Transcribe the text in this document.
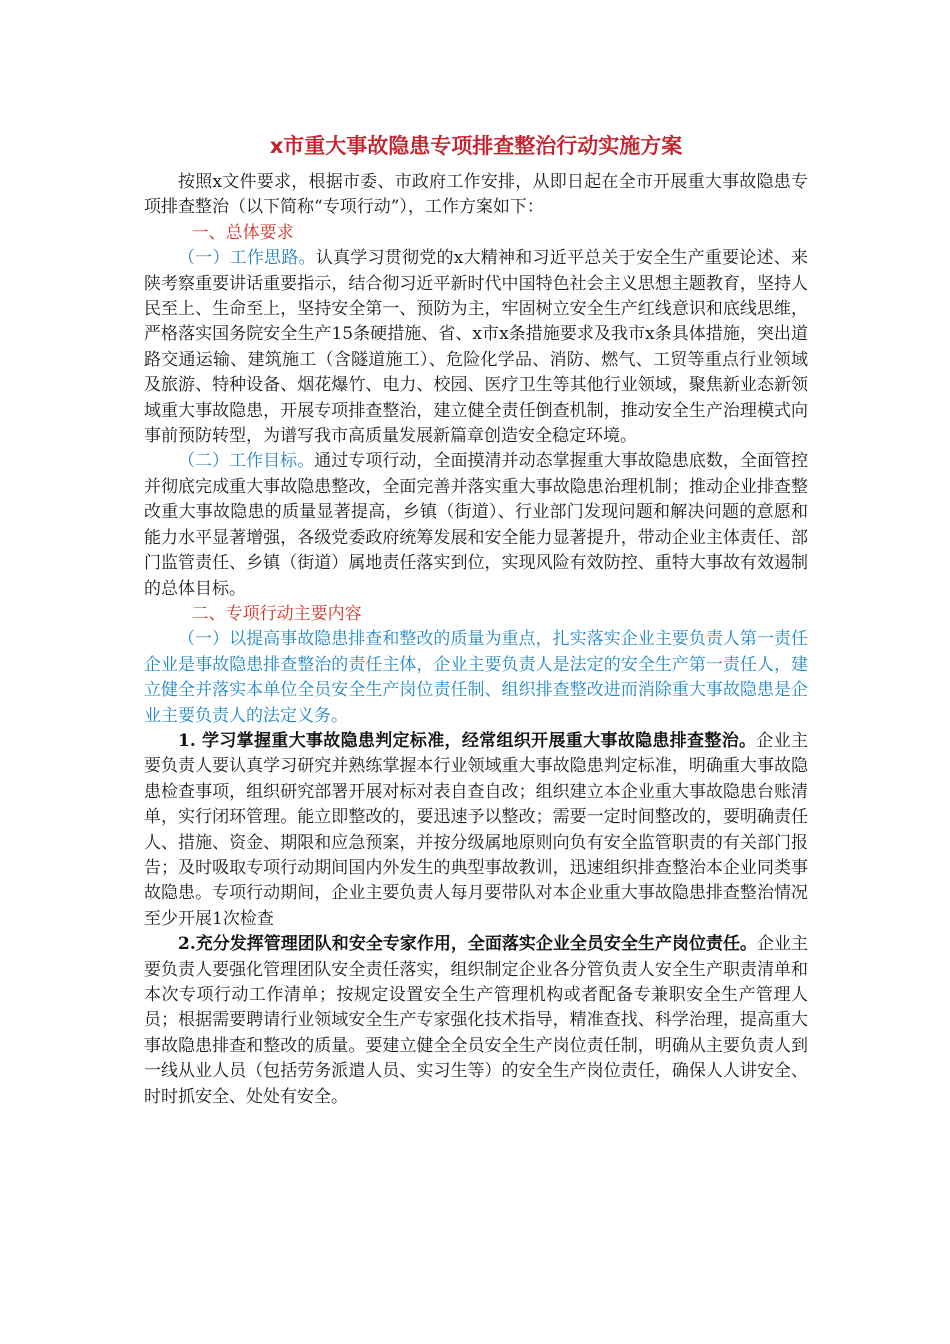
x市重大事故隐患专项排查整治行动实施方案

按照x文件要求，根据市委、市政府工作安排，从即日起在全市开展重大事故隐患专项排查整治（以下简称“专项行动”），工作方案如下：

一、总体要求

（一）工作思路。认真学习贯彻党的x大精神和习近平总关于安全生产重要论述、来陕考察重要讲话重要指示，结合彻习近平新时代中国特色社会主义思想主题教育，坚持人民至上、生命至上，坚持安全第一、预防为主，牢固树立安全生产红线意识和底线思维，严格落实国务院安全生产15条硬措施、省、x市x条措施要求及我市x条具体措施，突出道路交通运输、建筑施工（含隧道施工）、危险化学品、消防、燃气、工贸等重点行业领域及旅游、特种设备、烟花爆竹、电力、校园、医疗卫生等其他行业领域，聚焦新业态新领域重大事故隐患，开展专项排查整治，建立健全责任倒查机制，推动安全生产治理模式向事前预防转型，为谱写我市高质量发展新篇章创造安全稳定环境。

（二）工作目标。通过专项行动，全面摸清并动态掌握重大事故隐患底数，全面管控并彻底完成重大事故隐患整改，全面完善并落实重大事故隐患治理机制；推动企业排查整改重大事故隐患的质量显著提高，乡镇（街道）、行业部门发现问题和解决问题的意愿和能力水平显著增强，各级党委政府统筹发展和安全能力显著提升，带动企业主体责任、部门监管责任、乡镇（街道）属地责任落实到位，实现风险有效防控、重特大事故有效遏制的总体目标。

二、专项行动主要内容

（一）以提高事故隐患排查和整改的质量为重点，扎实落实企业主要负责人第一责任企业是事故隐患排查整治的责任主体，企业主要负责人是法定的安全生产第一责任人，建立健全并落实本单位全员安全生产岗位责任制、组织排查整改进而消除重大事故隐患是企业主要负责人的法定义务。

1. 学习掌握重大事故隐患判定标准，经常组织开展重大事故隐患排查整治。企业主要负责人要认真学习研究并熟练掌握本行业领域重大事故隐患判定标准，明确重大事故隐患检查事项，组织研究部署开展对标对表自查自改；组织建立本企业重大事故隐患台账清单，实行闭环管理。能立即整改的，要迅速予以整改；需要一定时间整改的，要明确责任人、措施、资金、期限和应急预案，并按分级属地原则向负有安全监管职责的有关部门报告；及时吸取专项行动期间国内外发生的典型事故教训，迅速组织排查整治本企业同类事故隐患。专项行动期间，企业主要负责人每月要带队对本企业重大事故隐患排查整治情况至少开展1次检查

2.充分发挥管理团队和安全专家作用，全面落实企业全员安全生产岗位责任。企业主要负责人要强化管理团队安全责任落实，组织制定企业各分管负责人安全生产职责清单和本次专项行动工作清单；按规定设置安全生产管理机构或者配备专兼职安全生产管理人员；根据需要聘请行业领域安全生产专家强化技术指导，精准查找、科学治理，提高重大事故隐患排查和整改的质量。要建立健全全员安全生产岗位责任制，明确从主要负责人到一线从业人员（包括劳务派遣人员、实习生等）的安全生产岗位责任，确保人人讲安全、时时抓安全、处处有安全。
